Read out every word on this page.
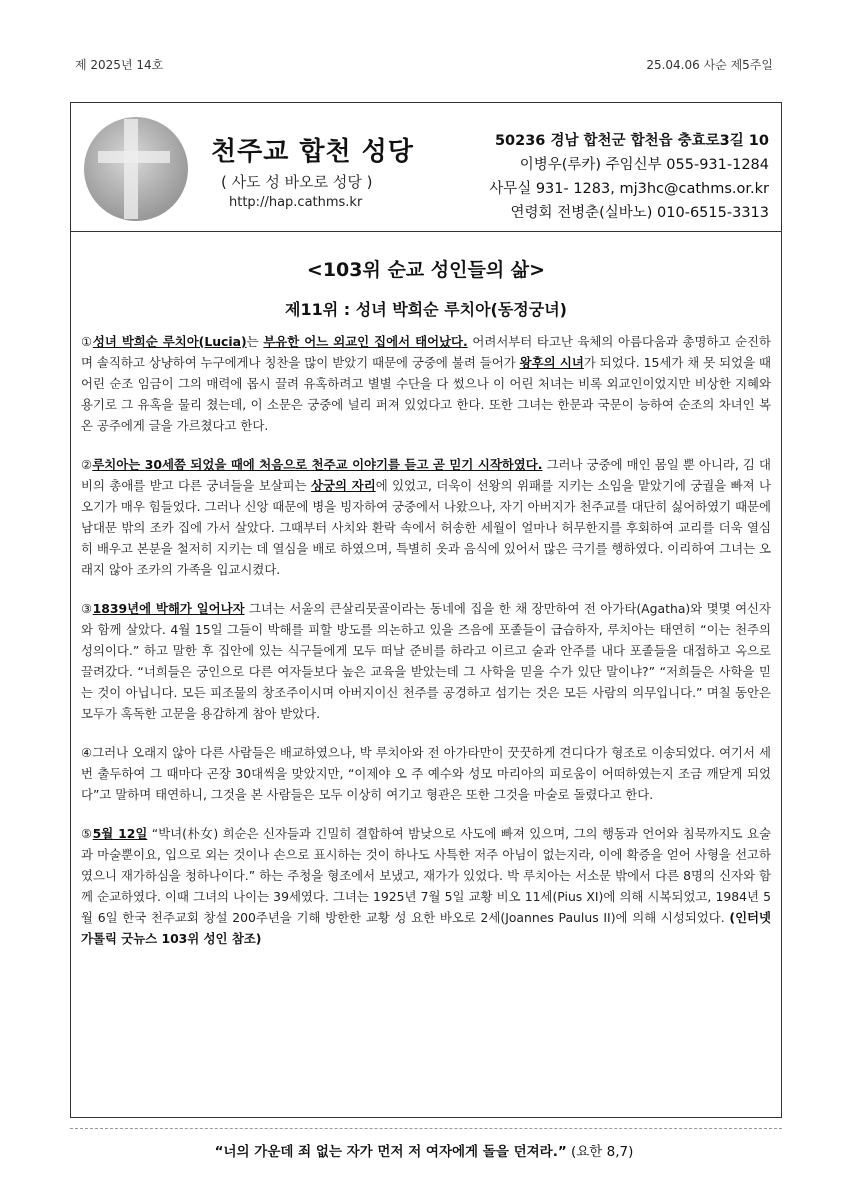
제 2025년 14호	25.04.06 사순 제5주일
천주교 합천 성당
( 사도 성 바오로 성당 )
http://hap.cathms.kr
50236 경남 합천군 합천읍 충효로3길 10
이병우(루카) 주임신부 055-931-1284
사무실 931- 1283, mj3hc@cathms.or.kr
연령회 전병춘(실바노) 010-6515-3313
<103위 순교 성인들의 삶>
제11위 : 성녀 박희순 루치아(동정궁녀)

①성녀 박희순 루치아(Lucia)는 부유한 어느 외교인 집에서 태어났다. 어려서부터 타고난 육체의 아름다움과 총명하고 순진하며 솔직하고 상냥하여 누구에게나 칭찬을 많이 받았기 때문에 궁중에 불려 들어가 왕후의 시녀가 되었다. 15세가 채 못 되었을 때 어린 순조 임금이 그의 매력에 몹시 끌려 유혹하려고 별별 수단을 다 썼으나 이 어린 처녀는 비록 외교인이었지만 비상한 지혜와 용기로 그 유혹을 물리 쳤는데, 이 소문은 궁중에 널리 퍼져 있었다고 한다. 또한 그녀는 한문과 국문이 능하여 순조의 차녀인 복온 공주에게 글을 가르쳤다고 한다.

②루치아는 30세쯤 되었을 때에 처음으로 천주교 이야기를 듣고 곧 믿기 시작하였다. 그러나 궁중에 매인 몸일 뿐 아니라, 김 대비의 총애를 받고 다른 궁녀들을 보살피는 상궁의 자리에 있었고, 더욱이 선왕의 위패를 지키는 소임을 맡았기에 궁궐을 빠져 나오기가 매우 힘들었다. 그러나 신앙 때문에 병을 빙자하여 궁중에서 나왔으나, 자기 아버지가 천주교를 대단히 싫어하였기 때문에 남대문 밖의 조카 집에 가서 살았다. 그때부터 사치와 환락 속에서 허송한 세월이 얼마나 허무한지를 후회하여 교리를 더욱 열심히 배우고 본분을 철저히 지키는 데 열심을 배로 하였으며, 특별히 옷과 음식에 있어서 많은 극기를 행하였다. 이리하여 그녀는 오래지 않아 조카의 가족을 입교시켰다.

③1839년에 박해가 일어나자 그녀는 서울의 큰살리뭇골이라는 동네에 집을 한 채 장만하여 전 아가타(Agatha)와 몇몇 여신자와 함께 살았다. 4월 15일 그들이 박해를 피할 방도를 의논하고 있을 즈음에 포졸들이 급습하자, 루치아는 태연히 “이는 천주의 성의이다.” 하고 말한 후 집안에 있는 식구들에게 모두 떠날 준비를 하라고 이르고 술과 안주를 내다 포졸들을 대접하고 옥으로 끌려갔다. “너희들은 궁인으로 다른 여자들보다 높은 교육을 받았는데 그 사학을 믿을 수가 있단 말이냐?” “저희들은 사학을 믿는 것이 아닙니다. 모든 피조물의 창조주이시며 아버지이신 천주를 공경하고 섬기는 것은 모든 사람의 의무입니다.” 며칠 동안은 모두가 혹독한 고문을 용감하게 참아 받았다.

④그러나 오래지 않아 다른 사람들은 배교하였으나, 박 루치아와 전 아가타만이 꿋꿋하게 견디다가 형조로 이송되었다. 여기서 세 번 출두하여 그 때마다 곤장 30대씩을 맞았지만, “이제야 오 주 예수와 성모 마리아의 피로움이 어떠하였는지 조금 깨닫게 되었다”고 말하며 태연하니, 그것을 본 사람들은 모두 이상히 여기고 형관은 또한 그것을 마술로 돌렸다고 한다.

⑤5월 12일 “박녀(朴女) 희순은 신자들과 긴밀히 결합하여 밤낮으로 사도에 빠져 있으며, 그의 행동과 언어와 침묵까지도 요술과 마술뿐이요, 입으로 외는 것이나 손으로 표시하는 것이 하나도 사특한 저주 아님이 없는지라, 이에 확증을 얻어 사형을 선고하였으니 재가하심을 청하나이다.” 하는 주청을 형조에서 보냈고, 재가가 있었다. 박 루치아는 서소문 밖에서 다른 8명의 신자와 함께 순교하였다. 이때 그녀의 나이는 39세였다. 그녀는 1925년 7월 5일 교황 비오 11세(Pius XI)에 의해 시복되었고, 1984년 5월 6일 한국 천주교회 창설 200주년을 기해 방한한 교황 성 요한 바오로 2세(Joannes Paulus II)에 의해 시성되었다. (인터넷 가톨릭 굿뉴스 103위 성인 참조)

“너의 가운데 죄 없는 자가 먼저 저 여자에게 돌을 던져라.” (요한 8,7)
